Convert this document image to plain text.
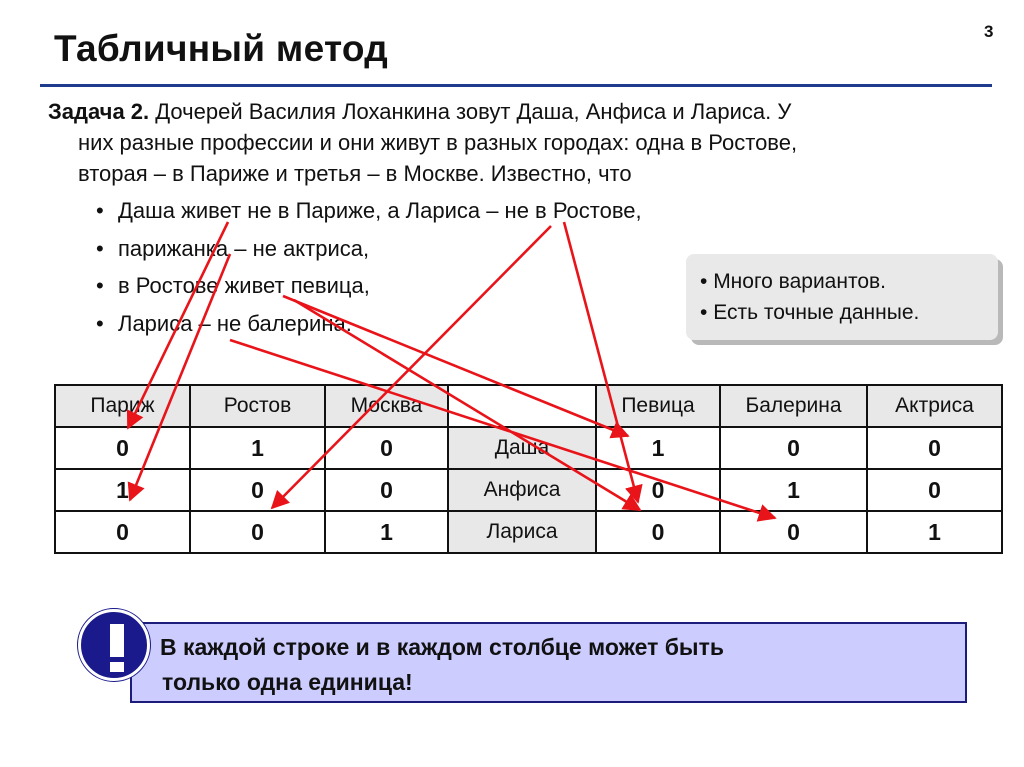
3
Табличный метод
Задача 2. Дочерей Василия Лоханкина зовут Даша, Анфиса и Лариса. У
них разные профессии и они живут в разных городах: одна в Ростове,
вторая – в Париже и третья – в Москве. Известно, что
• Даша живет не в Париже, а Лариса – не в Ростове,
• парижанка – не актриса,
• в Ростове живет певица,
• Лариса – не балерина.
• Много вариантов.
• Есть точные данные.
Париж	Ростов	Москва		Певица	Балерина	Актриса
0	1	0	Даша	1	0	0
1	0	0	Анфиса	0	1	0
0	0	1	Лариса	0	0	1
В каждой строке и в каждом столбце может быть
только одна единица!
